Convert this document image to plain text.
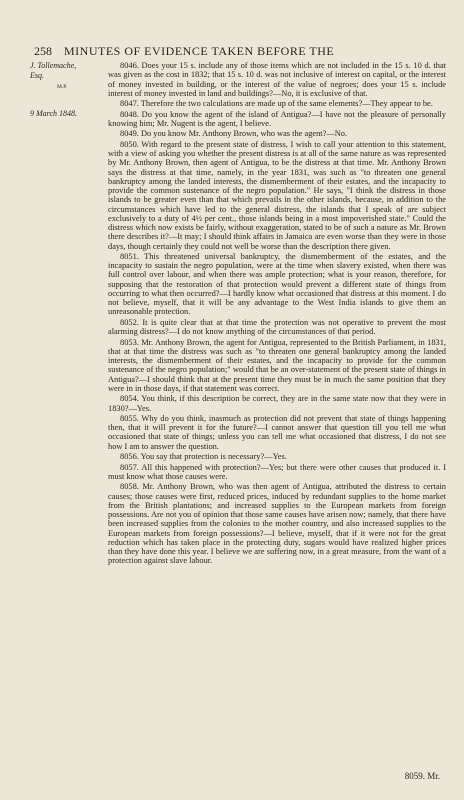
258	MINUTES OF EVIDENCE TAKEN BEFORE THE
J. Tollemache, Esq.
M.P.
9 March 1848.

8046. Does your 15 s. include any of those items which are not included in the 15 s. 10 d. that was given as the cost in 1832; that 15 s. 10 d. was not inclusive of interest on capital, or the interest of money invested in building, or the interest of the value of negroes; does your 15 s. include interest of money invested in land and buildings?—No, it is exclusive of that.

8047. Therefore the two calculations are made up of the same elements?—They appear to be.

8048. Do you know the agent of the island of Antigua?—I have not the pleasure of personally knowing him; Mr. Nugent is the agent, I believe.

8049. Do you know Mr. Anthony Brown, who was the agent?—No.

8050. With regard to the present state of distress, I wish to call your attention to this statement, with a view of asking you whether the present distress is at all of the same nature as was represented by Mr. Anthony Brown, then agent of Antigua, to be the distress at that time. Mr. Anthony Brown says the distress at that time, namely, in the year 1831, was such as "to threaten one general bankruptcy among the landed interests, the dismemberment of their estates, and the incapacity to provide the common sustenance of the negro population." He says, "I think the distress in those islands to be greater even than that which prevails in the other islands, because, in addition to the circumstances which have led to the general distress, the islands that I speak of are subject exclusively to a duty of 4½ per cent., those islands being in a most impoverished state." Could the distress which now exists be fairly, without exaggeration, stated to be of such a nature as Mr. Brown there describes it?—It may; I should think affairs in Jamaica are even worse than they were in those days, though certainly they could not well be worse than the description there given.

8051. This threatened universal bankruptcy, the dismemberment of the estates, and the incapacity to sustain the negro population, were at the time when slavery existed, when there was full control over labour, and when there was ample protection; what is your reason, therefore, for supposing that the restoration of that protection would prevent a different state of things from occurring to what then occurred?—I hardly know what occasioned that distress at this moment. I do not believe, myself, that it will be any advantage to the West India islands to give them an unreasonable protection.

8052. It is quite clear that at that time the protection was not operative to prevent the most alarming distress?—I do not know anything of the circumstances of that period.

8053. Mr. Anthony Brown, the agent for Antigua, represented to the British Parliament, in 1831, that at that time the distress was such as "to threaten one general bankruptcy among the landed interests, the dismemberment of their estates, and the incapacity to provide for the common sustenance of the negro population;" would that be an over-statement of the present state of things in Antigua?—I should think that at the present time they must be in much the same position that they were in in those days, if that statement was correct.

8054. You think, if this description be correct, they are in the same state now that they were in 1830?—Yes.

8055. Why do you think, inasmuch as protection did not prevent that state of things happening then, that it will prevent it for the future?—I cannot answer that question till you tell me what occasioned that state of things; unless you can tell me what occasioned that distress, I do not see how I am to answer the question.

8056. You say that protection is necessary?—Yes.

8057. All this happened with protection?—Yes; but there were other causes that produced it. I must know what those causes were.

8058. Mr. Anthony Brown, who was then agent of Antigua, attributed the distress to certain causes; those causes were first, reduced prices, induced by redundant supplies to the home market from the British plantations; and increased supplies to the European markets from foreign possessions. Are not you of opinion that those same causes have arisen now; namely, that there have been increased supplies from the colonies to the mother country, and also increased supplies to the European markets from foreign possessions?—I believe, myself, that if it were not for the great reduction which has taken place in the protecting duty, sugars would have realized higher prices than they have done this year. I believe we are suffering now, in a great measure, from the want of a protection against slave labour.

8059. Mr.
